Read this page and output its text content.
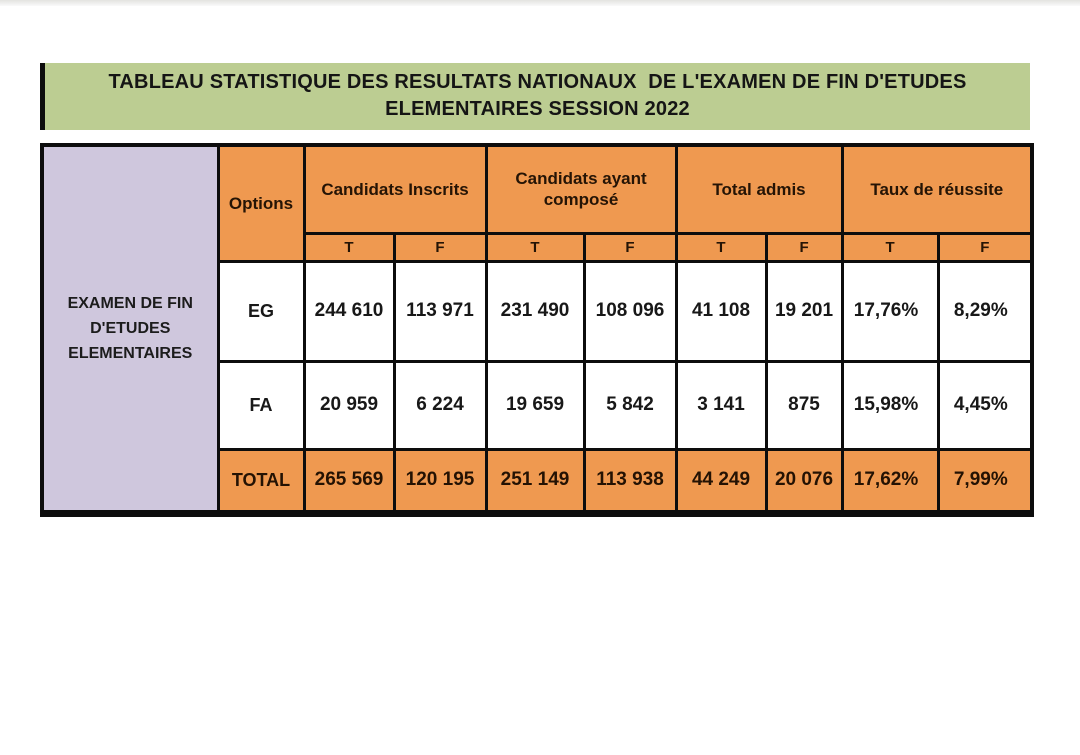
TABLEAU STATISTIQUE DES RESULTATS NATIONAUX  DE L'EXAMEN DE FIN D'ETUDES
ELEMENTAIRES SESSION 2022
EXAMEN DE FIN
D'ETUDES
ELEMENTAIRES	Options	Candidats Inscrits		Candidats ayant composé		Total admis		Taux de réussite	
		T	F	T	F	T	F	T	F
	EG	244 610	113 971	231 490	108 096	41 108	19 201	17,76%	8,29%
	FA	20 959	6 224	19 659	5 842	3 141	875	15,98%	4,45%
	TOTAL	265 569	120 195	251 149	113 938	44 249	20 076	17,62%	7,99%
